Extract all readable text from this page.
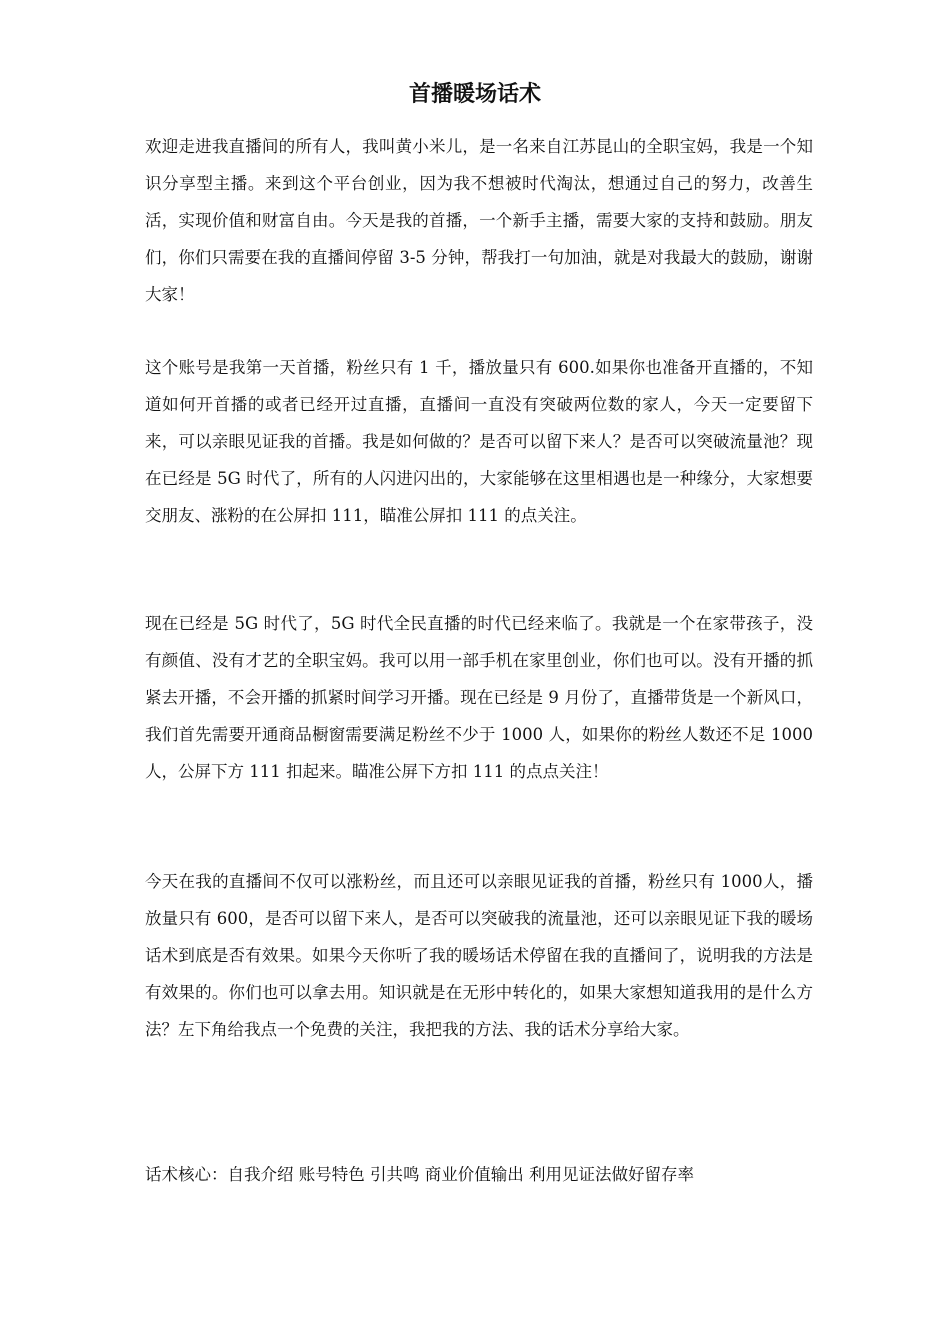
首播暖场话术

欢迎走进我直播间的所有人，我叫黄小米儿，是一名来自江苏昆山的全职宝妈，我是一个知识分享型主播。来到这个平台创业，因为我不想被时代淘汰，想通过自己的努力，改善生活，实现价值和财富自由。今天是我的首播，一个新手主播，需要大家的支持和鼓励。朋友们，你们只需要在我的直播间停留 3-5 分钟，帮我打一句加油，就是对我最大的鼓励，谢谢大家！

这个账号是我第一天首播，粉丝只有 1 千，播放量只有 600.如果你也准备开直播的，不知道如何开首播的或者已经开过直播，直播间一直没有突破两位数的家人，今天一定要留下来，可以亲眼见证我的首播。我是如何做的？是否可以留下来人？是否可以突破流量池？现在已经是 5G 时代了，所有的人闪进闪出的，大家能够在这里相遇也是一种缘分，大家想要交朋友、涨粉的在公屏扣 111，瞄准公屏扣 111 的点关注。

现在已经是 5G 时代了，5G 时代全民直播的时代已经来临了。我就是一个在家带孩子，没有颜值、没有才艺的全职宝妈。我可以用一部手机在家里创业，你们也可以。没有开播的抓紧去开播，不会开播的抓紧时间学习开播。现在已经是 9 月份了，直播带货是一个新风口，我们首先需要开通商品橱窗需要满足粉丝不少于 1000 人，如果你的粉丝人数还不足 1000 人，公屏下方 111 扣起来。瞄准公屏下方扣 111 的点点关注！

今天在我的直播间不仅可以涨粉丝，而且还可以亲眼见证我的首播，粉丝只有 1000人，播放量只有 600，是否可以留下来人，是否可以突破我的流量池，还可以亲眼见证下我的暖场话术到底是否有效果。如果今天你听了我的暖场话术停留在我的直播间了，说明我的方法是有效果的。你们也可以拿去用。知识就是在无形中转化的，如果大家想知道我用的是什么方法？左下角给我点一个免费的关注，我把我的方法、我的话术分享给大家。

话术核心：自我介绍 账号特色 引共鸣 商业价值输出 利用见证法做好留存率
